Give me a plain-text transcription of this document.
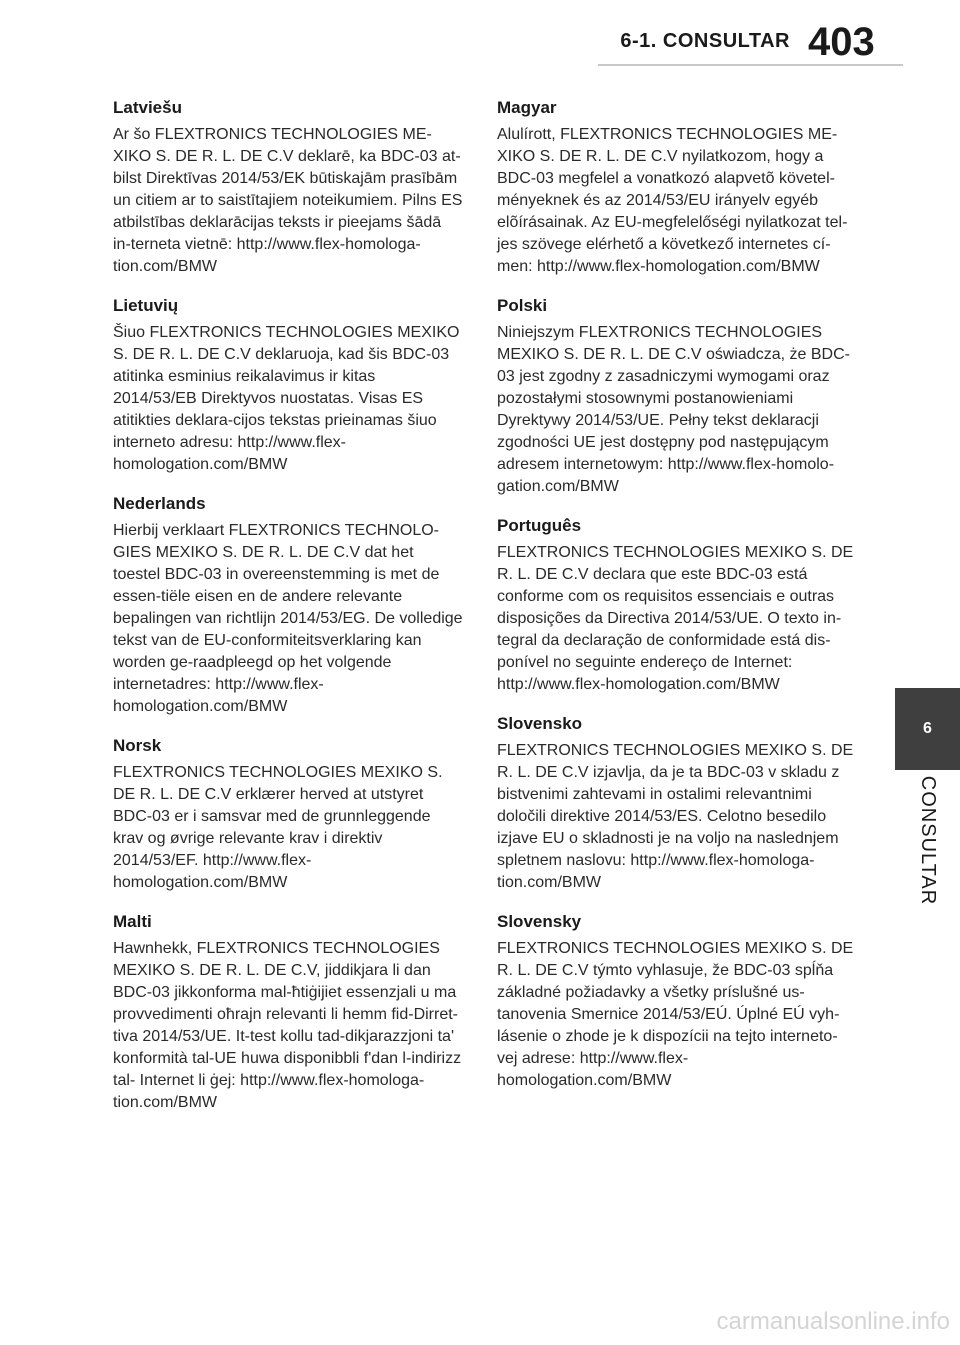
6-1. CONSULTAR 403
Latviešu

Ar šo FLEXTRONICS TECHNOLOGIES ME-XIKO S. DE R. L. DE C.V deklarē, ka BDC-03 at-bilst Direktīvas 2014/53/EK būtiskajām prasībām un citiem ar to saistītajiem noteikumiem. Pilns ES atbilstības deklarācijas teksts ir pieejams šādā in-terneta vietnē: http://www.flex-homologa-tion.com/BMW

Lietuvių

Šiuo FLEXTRONICS TECHNOLOGIES MEXIKO S. DE R. L. DE C.V deklaruoja, kad šis BDC-03 atitinka esminius reikalavimus ir kitas 2014/53/EB Direktyvos nuostatas. Visas ES atitikties deklara-cijos tekstas prieinamas šiuo interneto adresu: http://www.flex-homologation.com/BMW

Nederlands

Hierbij verklaart FLEXTRONICS TECHNOLO-GIES MEXIKO S. DE R. L. DE C.V dat het toestel BDC-03 in overeenstemming is met de essen-tiële eisen en de andere relevante bepalingen van richtlijn 2014/53/EG. De volledige tekst van de EU-conformiteitsverklaring kan worden ge-raadpleegd op het volgende internetadres: http://www.flex-homologation.com/BMW

Norsk

FLEXTRONICS TECHNOLOGIES MEXIKO S. DE R. L. DE C.V erklærer herved at utstyret BDC-03 er i samsvar med de grunnleggende krav og øvrige relevante krav i direktiv 2014/53/EF. http://www.flex-homologation.com/BMW

Malti

Hawnhekk, FLEXTRONICS TECHNOLOGIES MEXIKO S. DE R. L. DE C.V, jiddikjara li dan BDC-03 jikkonforma mal-ħtiġijiet essenzjali u ma provvedimenti oħrajn relevanti li hemm fid-Dirret-tiva 2014/53/UE. It-test kollu tad-dikjarazzjoni ta' konformità tal-UE huwa disponibbli f'dan l-indirizz tal- Internet li ġej: http://www.flex-homologa-tion.com/BMW

Magyar

Alulírott, FLEXTRONICS TECHNOLOGIES ME-XIKO S. DE R. L. DE C.V nyilatkozom, hogy a BDC-03 megfelel a vonatkozó alapvetõ követel-ményeknek és az 2014/53/EU irányelv egyéb elõírásainak. Az EU-megfelelőségi nyilatkozat tel-jes szövege elérhető a következő internetes cí-men: http://www.flex-homologation.com/BMW

Polski

Niniejszym FLEXTRONICS TECHNOLOGIES MEXIKO S. DE R. L. DE C.V oświadcza, że BDC-03 jest zgodny z zasadniczymi wymogami oraz pozostałymi stosownymi postanowieniami Dyrektywy 2014/53/UE. Pełny tekst deklaracji zgodności UE jest dostępny pod następującym adresem internetowym: http://www.flex-homolo-gation.com/BMW

Português

FLEXTRONICS TECHNOLOGIES MEXIKO S. DE R. L. DE C.V declara que este BDC-03 está conforme com os requisitos essenciais e outras disposições da Directiva 2014/53/UE. O texto in-tegral da declaração de conformidade está dis-ponível no seguinte endereço de Internet: http://www.flex-homologation.com/BMW

Slovensko

FLEXTRONICS TECHNOLOGIES MEXIKO S. DE R. L. DE C.V izjavlja, da je ta BDC-03 v skladu z bistvenimi zahtevami in ostalimi relevantnimi določili direktive 2014/53/ES. Celotno besedilo izjave EU o skladnosti je na voljo na naslednjem spletnem naslovu: http://www.flex-homologa-tion.com/BMW

Slovensky

FLEXTRONICS TECHNOLOGIES MEXIKO S. DE R. L. DE C.V týmto vyhlasuje, že BDC-03 spĺňa základné požiadavky a všetky príslušné us-tanovenia Smernice 2014/53/EÚ. Úplné EÚ vyh-lásenie o zhode je k dispozícii na tejto interneto-vej adrese: http://www.flex-homologation.com/BMW

6
CONSULTAR
carmanualsonline.info
